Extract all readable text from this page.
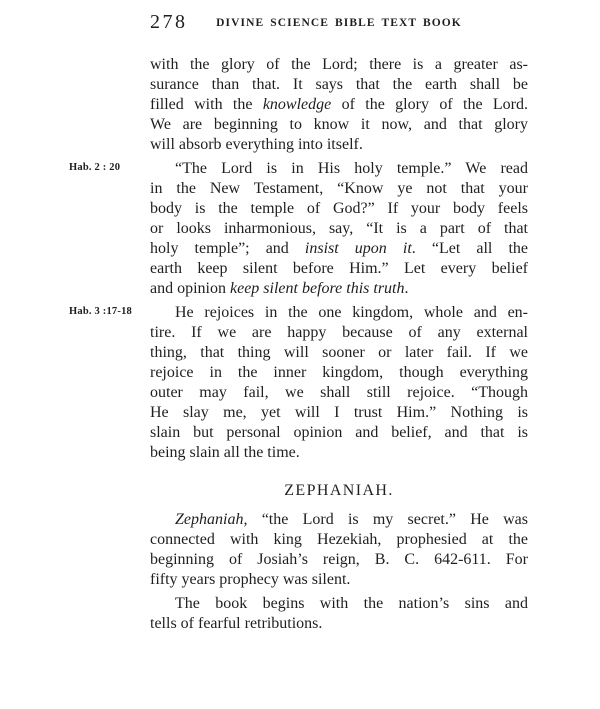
278	DIVINE SCIENCE BIBLE TEXT BOOK
with the glory of the Lord; there is a greater as-
surance than that. It says that the earth shall be
filled with the knowledge of the glory of the Lord.
We are beginning to know it now, and that glory
will absorb everything into itself.
Hab. 2 : 20	“The Lord is in His holy temple.” We read
in the New Testament, “Know ye not that your
body is the temple of God?” If your body feels
or looks inharmonious, say, “It is a part of that
holy temple”; and insist upon it. “Let all the
earth keep silent before Him.” Let every belief
and opinion keep silent before this truth.
Hab. 3 :17-18	He rejoices in the one kingdom, whole and en-
tire. If we are happy because of any external
thing, that thing will sooner or later fail. If we
rejoice in the inner kingdom, though everything
outer may fail, we shall still rejoice. “Though
He slay me, yet will I trust Him.” Nothing is
slain but personal opinion and belief, and that is
being slain all the time.
ZEPHANIAH.
Zephaniah, “the Lord is my secret.” He was
connected with king Hezekiah, prophesied at the
beginning of Josiah’s reign, B. C. 642-611. For
fifty years prophecy was silent.
The book begins with the nation’s sins and
tells of fearful retributions.
